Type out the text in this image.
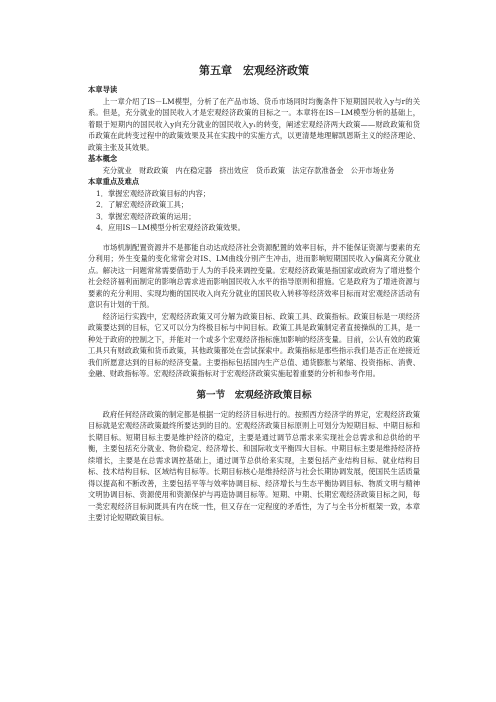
第五章　宏观经济政策
本章导读

上一章介绍了IS－LM模型，分析了在产品市场、货币市场同时均衡条件下短期国民收入y与r的关系。但是，充分就业的国民收入才是宏观经济政策的目标之一。本章将在IS－LM模型分析的基础上，着眼于短期内的国民收入y向充分就业的国民收入y₁的转变，阐述宏观经济两大政策——财政政策和货币政策在此转变过程中的政策效果及其在实践中的实施方式，以更清楚地理解凯恩斯主义的经济理论、政策主张及其效果。

基本概念

充分就业　财政政策　内在稳定器　挤出效应　货币政策　法定存款准备金　公开市场业务

本章重点及难点
1．掌握宏观经济政策目标的内容；
2．了解宏观经济政策工具；
3．掌握宏观经济政策的运用；
4．应用IS－LM模型分析宏观经济政策效果。

市场机制配置资源并不是都能自动达成经济社会资源配置的效率目标，并不能保证资源与要素的充分利用；外生变量的变化常常会对IS、LM曲线分别产生冲击，进而影响短期国民收入y偏离充分就业点。解决这一问题常常需要借助于人为的手段来调控变量。宏观经济政策是指国家或政府为了增进整个社会经济福利而制定的影响总需求进而影响国民收入水平的指导原则和措施。它是政府为了增进资源与要素的充分利用、实现均衡的国民收入向充分就业的国民收入转移等经济效率目标而对宏观经济活动有意识有计划的干预。

经济运行实践中，宏观经济政策又可分解为政策目标、政策工具、政策指标。政策目标是一项经济政策要达到的目标，它又可以分为终极目标与中间目标。政策工具是政策制定者直接操纵的工具，是一种处于政府的控制之下，并能对一个或多个宏观经济指标施加影响的经济变量。目前，公认有效的政策工具只有财政政策和货币政策，其他政策都处在尝试探索中。政策指标是那些指示我们是否正在逆接近我们所愿意达到的目标的经济变量。主要指标包括国内生产总值、通货膨胀与紧缩、投资指标、消费、金融、财政指标等。宏观经济政策指标对于宏观经济政策实施起着重要的分析和参考作用。

第一节　宏观经济政策目标

政府任何经济政策的制定都是根据一定的经济目标进行的。按照西方经济学的界定，宏观经济政策目标就是宏观经济政策最终所要达到的目的。宏观经济政策目标原则上可划分为短期目标、中期目标和长期目标。短期目标主要是维护经济的稳定，主要是通过调节总需求来实现社会总需求和总供给的平衡，主要包括充分就业、物价稳定、经济增长、和国际收支平衡四大目标。中期目标主要是维持经济持续增长，主要是在总需求调控基础上，通过调节总供给来实现，主要包括产业结构目标、就业结构目标、技术结构目标、区域结构目标等。长期目标核心是维持经济与社会长期协调发展，使国民生活质量得以提高和不断改善，主要包括平等与效率协调目标、经济增长与生态平衡协调目标、物质文明与精神文明协调目标、资源使用和资源保护与再造协调目标等。短期、中期、长期宏观经济政策目标之间，每一类宏观经济目标间既具有内在统一性，但又存在一定程度的矛盾性，为了与全书分析框架一致，本章主要讨论短期政策目标。
